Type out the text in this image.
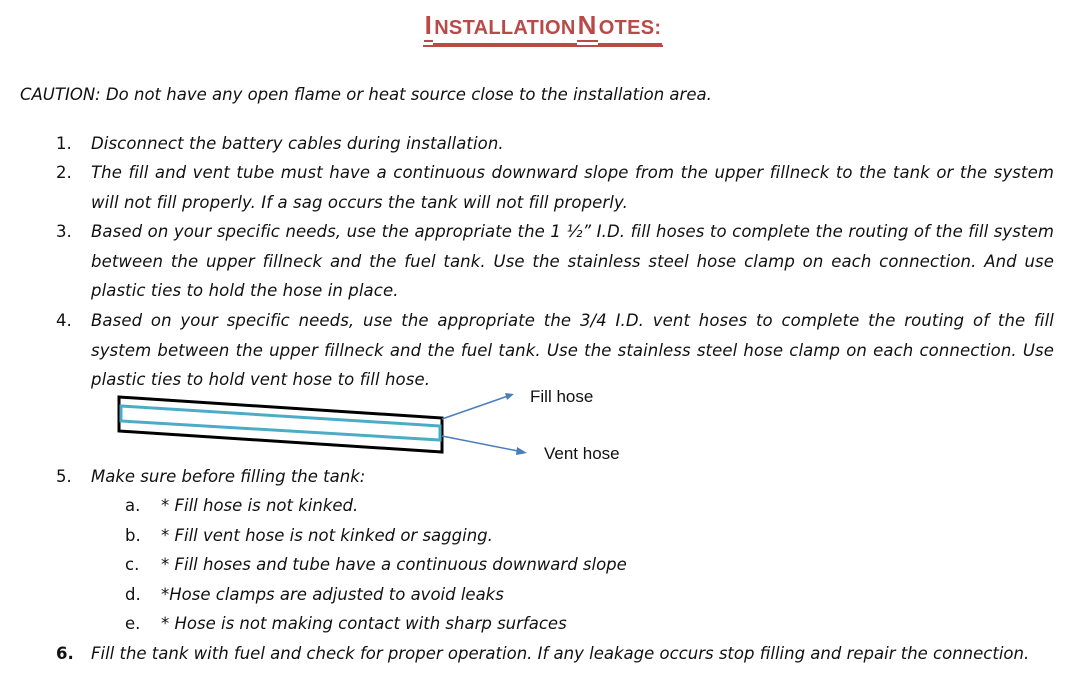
I NSTALLATIONN OTES:
CAUTION: Do not have any open flame or heat source close to the installation area.
1.	Disconnect the battery cables during installation.
2.	The fill and vent tube must have a continuous downward slope from the upper fillneck to the tank or the system will not fill properly. If a sag occurs the tank will not fill properly.
3.	Based on your specific needs, use the appropriate the 1 ½” I.D. fill hoses to complete the routing of the fill system between the upper fillneck and the fuel tank. Use the stainless steel hose clamp on each connection. And use plastic ties to hold the hose in place.
4.	Based on your specific needs, use the appropriate the 3/4 I.D. vent hoses to complete the routing of the fill system between the upper fillneck and the fuel tank. Use the stainless steel hose clamp on each connection. Use plastic ties to hold vent hose to fill hose.
Fill hose
Vent hose
5.	Make sure before filling the tank:
a. * Fill hose is not kinked.
b. * Fill vent hose is not kinked or sagging.
c. * Fill hoses and tube have a continuous downward slope
d. *Hose clamps are adjusted to avoid leaks
e. * Hose is not making contact with sharp surfaces
6.	Fill the tank with fuel and check for proper operation. If any leakage occurs stop filling and repair the connection.
